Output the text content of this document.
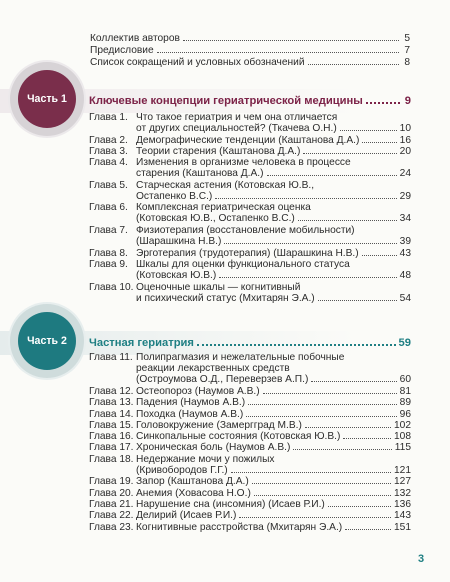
Коллектив авторов	5
Предисловие	7
Список сокращений и условных обозначений	8
Часть 1	Ключевые концепции гериатрической медицины	9
Глава 1. Что такое гериатрия и чем она отличается
от других специальностей? (Ткачева О.Н.)	10
Глава 2. Демографические тенденции (Каштанова Д.А.)	16
Глава 3. Теории старения (Каштанова Д.А.)	20
Глава 4. Изменения в организме человека в процессе
старения (Каштанова Д.А.)	24
Глава 5. Старческая астения (Котовская Ю.В.,
Остапенко В.С.)	29
Глава 6. Комплексная гериатрическая оценка
(Котовская Ю.В., Остапенко В.С.)	34
Глава 7. Физиотерапия (восстановление мобильности)
(Шарашкина Н.В.)	39
Глава 8. Эрготерапия (трудотерапия) (Шарашкина Н.В.)	43
Глава 9. Шкалы для оценки функционального статуса
(Котовская Ю.В.)	48
Глава 10. Оценочные шкалы — когнитивный
и психический статус (Мхитарян Э.А.)	54
Часть 2	Частная гериатрия	59
Глава 11. Полипрагмазия и нежелательные побочные
реакции лекарственных средств
(Остроумова О.Д., Переверзев А.П.)	60
Глава 12. Остеопороз (Наумов А.В.)	81
Глава 13. Падения (Наумов А.В.)	89
Глава 14. Походка (Наумов А.В.)	96
Глава 15. Головокружение (Замергград М.В.)	102
Глава 16. Синкопальные состояния (Котовская Ю.В.)	108
Глава 17. Хроническая боль (Наумов А.В.)	115
Глава 18. Недержание мочи у пожилых
(Кривобородов Г.Г.)	121
Глава 19. Запор (Каштанова Д.А.)	127
Глава 20. Анемия (Ховасова Н.О.)	132
Глава 21. Нарушение сна (инсомния) (Исаев Р.И.)	136
Глава 22. Делирий (Исаев Р.И.)	143
Глава 23. Когнитивные расстройства (Мхитарян Э.А.)	151
3
